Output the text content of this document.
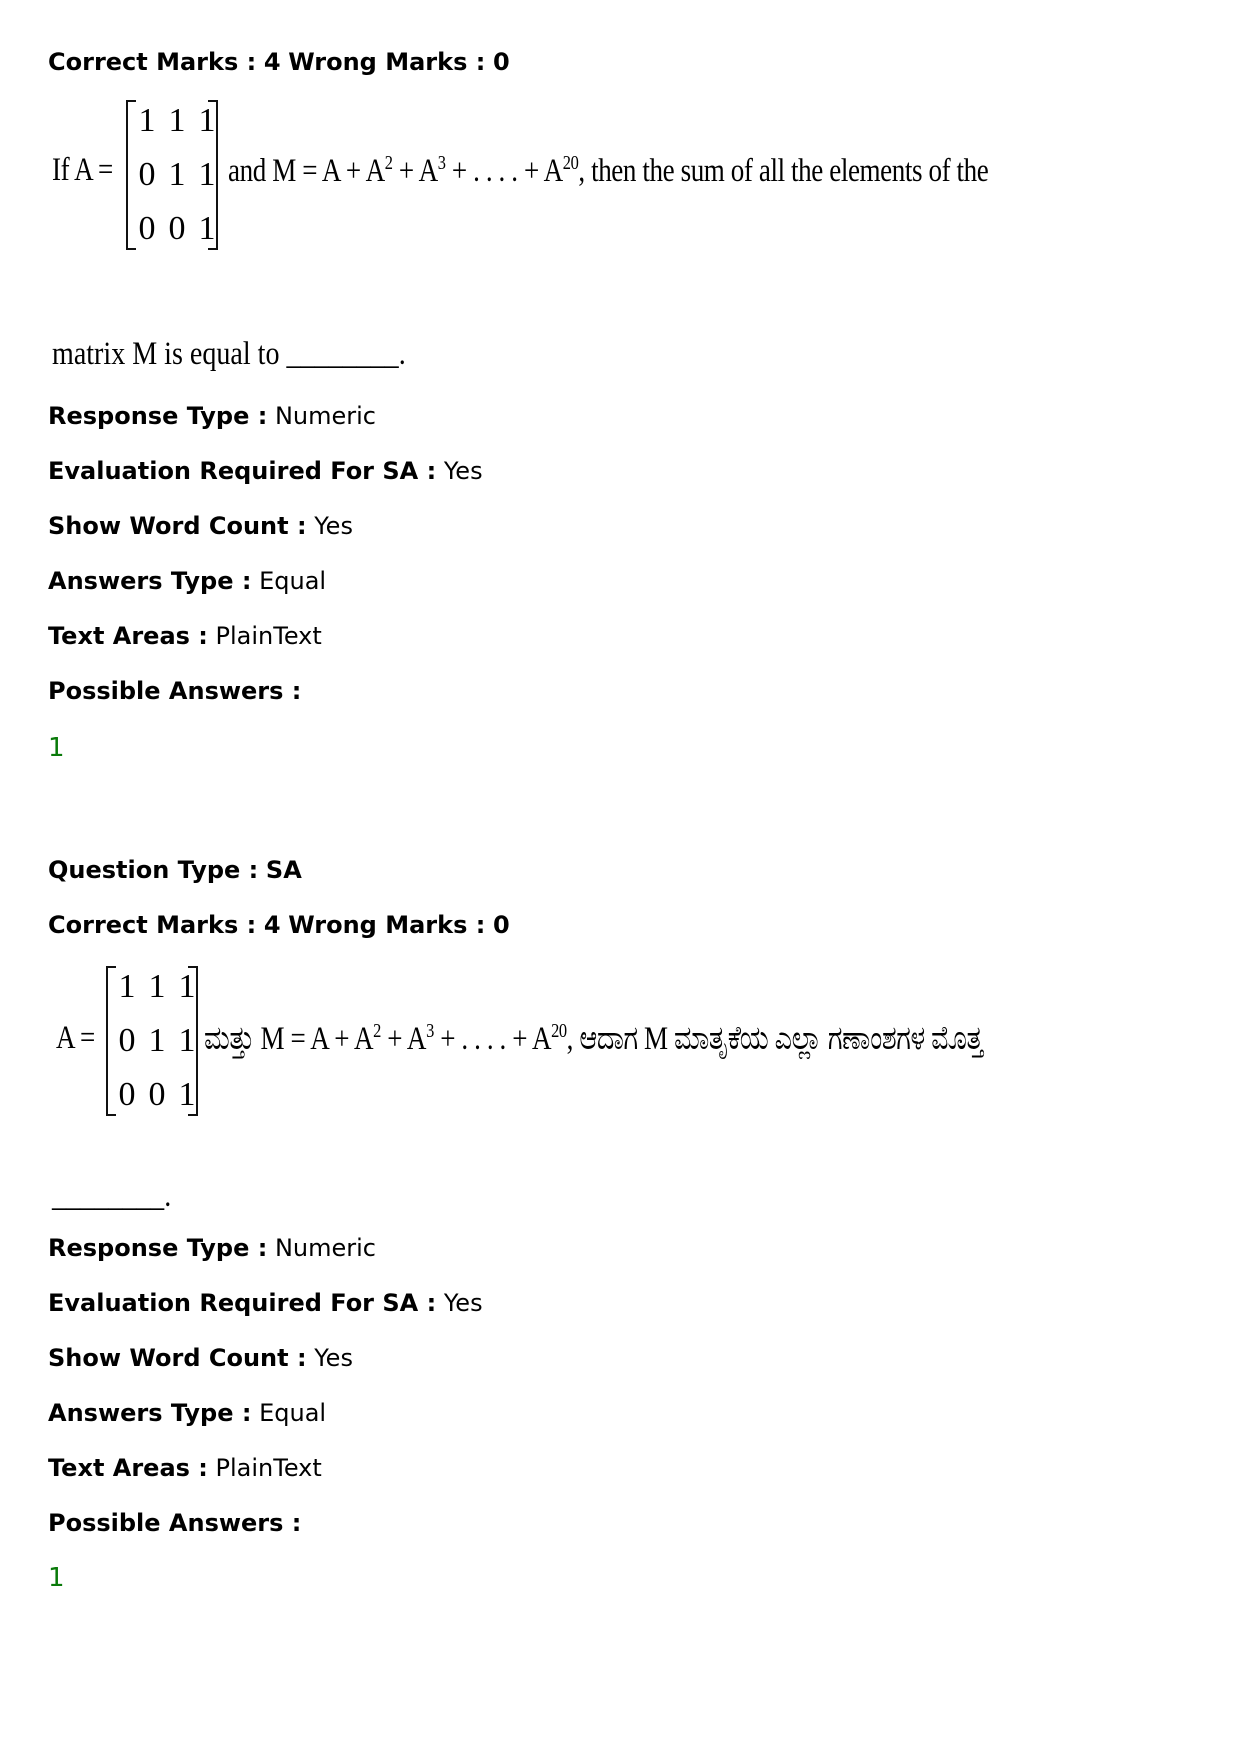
Correct Marks : 4 Wrong Marks : 0
If A =
1 1 1
0 1 1
0 0 1
and $M = A + A^2 + A^3$ + . . . . + $A^{20}$, then the sum of all the elements of the
matrix M is equal to ________.
Response Type : Numeric
Evaluation Required For SA : Yes
Show Word Count : Yes
Answers Type : Equal
Text Areas : PlainText
Possible Answers :
1
Question Type : SA
Correct Marks : 4 Wrong Marks : 0
A =
1 1 1
0 1 1
0 0 1
ಮತ್ತು $M = A + A^2 + A^3$ + . . . . + $A^{20}$, ಆದಾಗ M ಮಾತೃಕೆಯ ಎಲ್ಲಾ ಗಣಾಂಶಗಳ ಮೊತ್ತ
________.
Response Type : Numeric
Evaluation Required For SA : Yes
Show Word Count : Yes
Answers Type : Equal
Text Areas : PlainText
Possible Answers :
1
